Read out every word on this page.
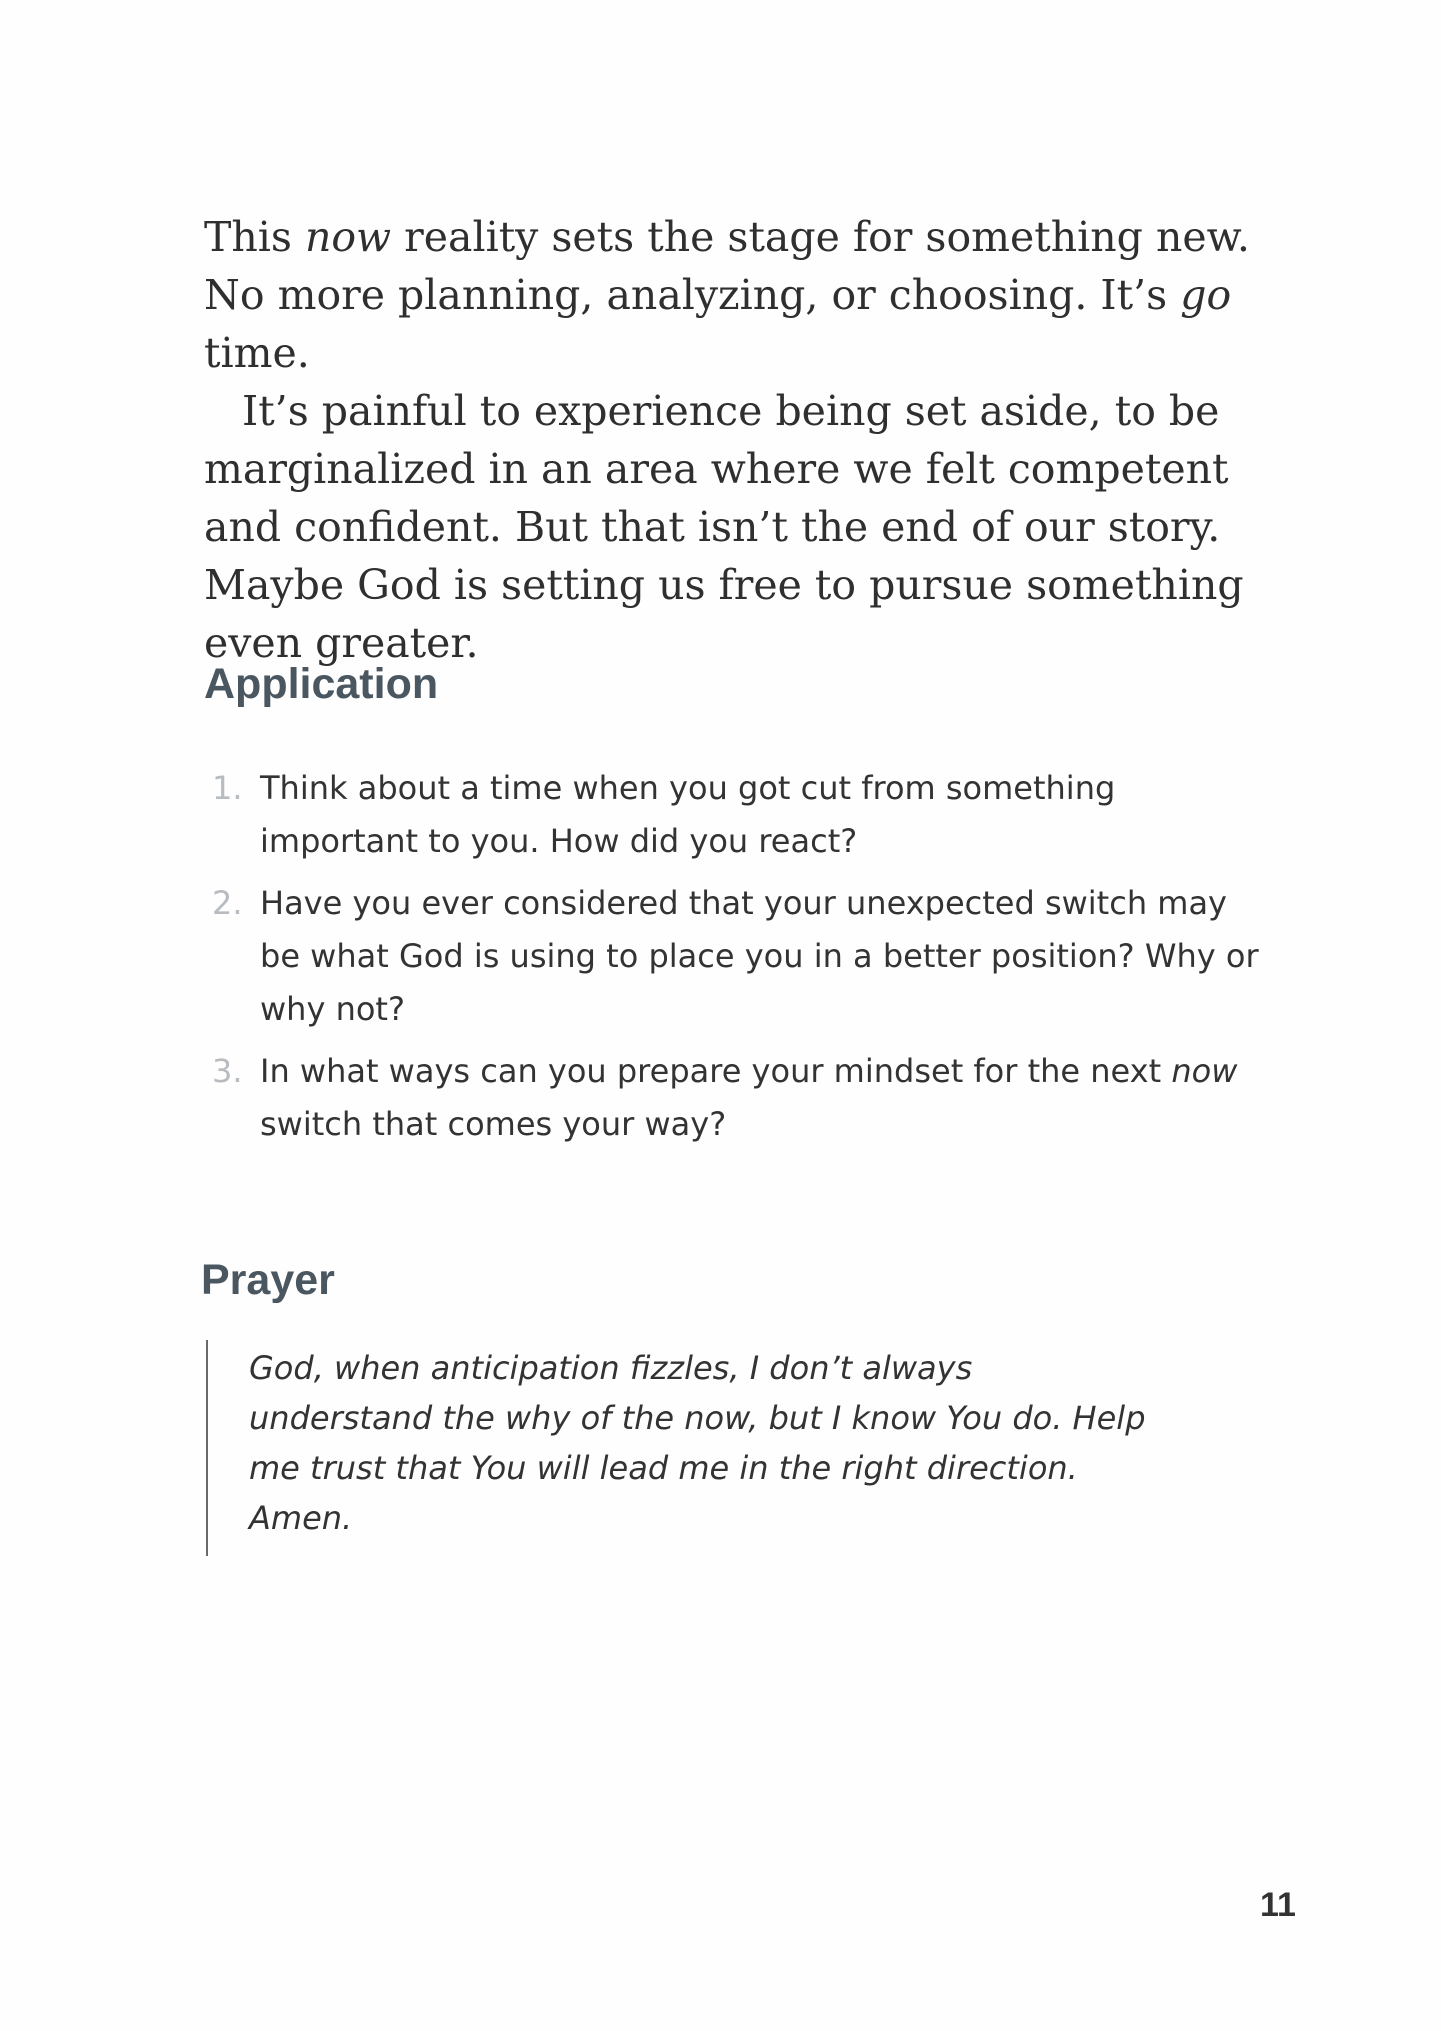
This now reality sets the stage for something new. No more planning, analyzing, or choosing. It’s go time.

It’s painful to experience being set aside, to be marginalized in an area where we felt competent and confident. But that isn’t the end of our story. Maybe God is setting us free to pursue something even greater.

Application
1. Think about a time when you got cut from something important to you. How did you react?
2. Have you ever considered that your unexpected switch may be what God is using to place you in a better position? Why or why not?
3. In what ways can you prepare your mindset for the next now switch that comes your way?
Prayer

God, when anticipation fizzles, I don’t always understand the why of the now, but I know You do. Help me trust that You will lead me in the right direction. Amen.

11
